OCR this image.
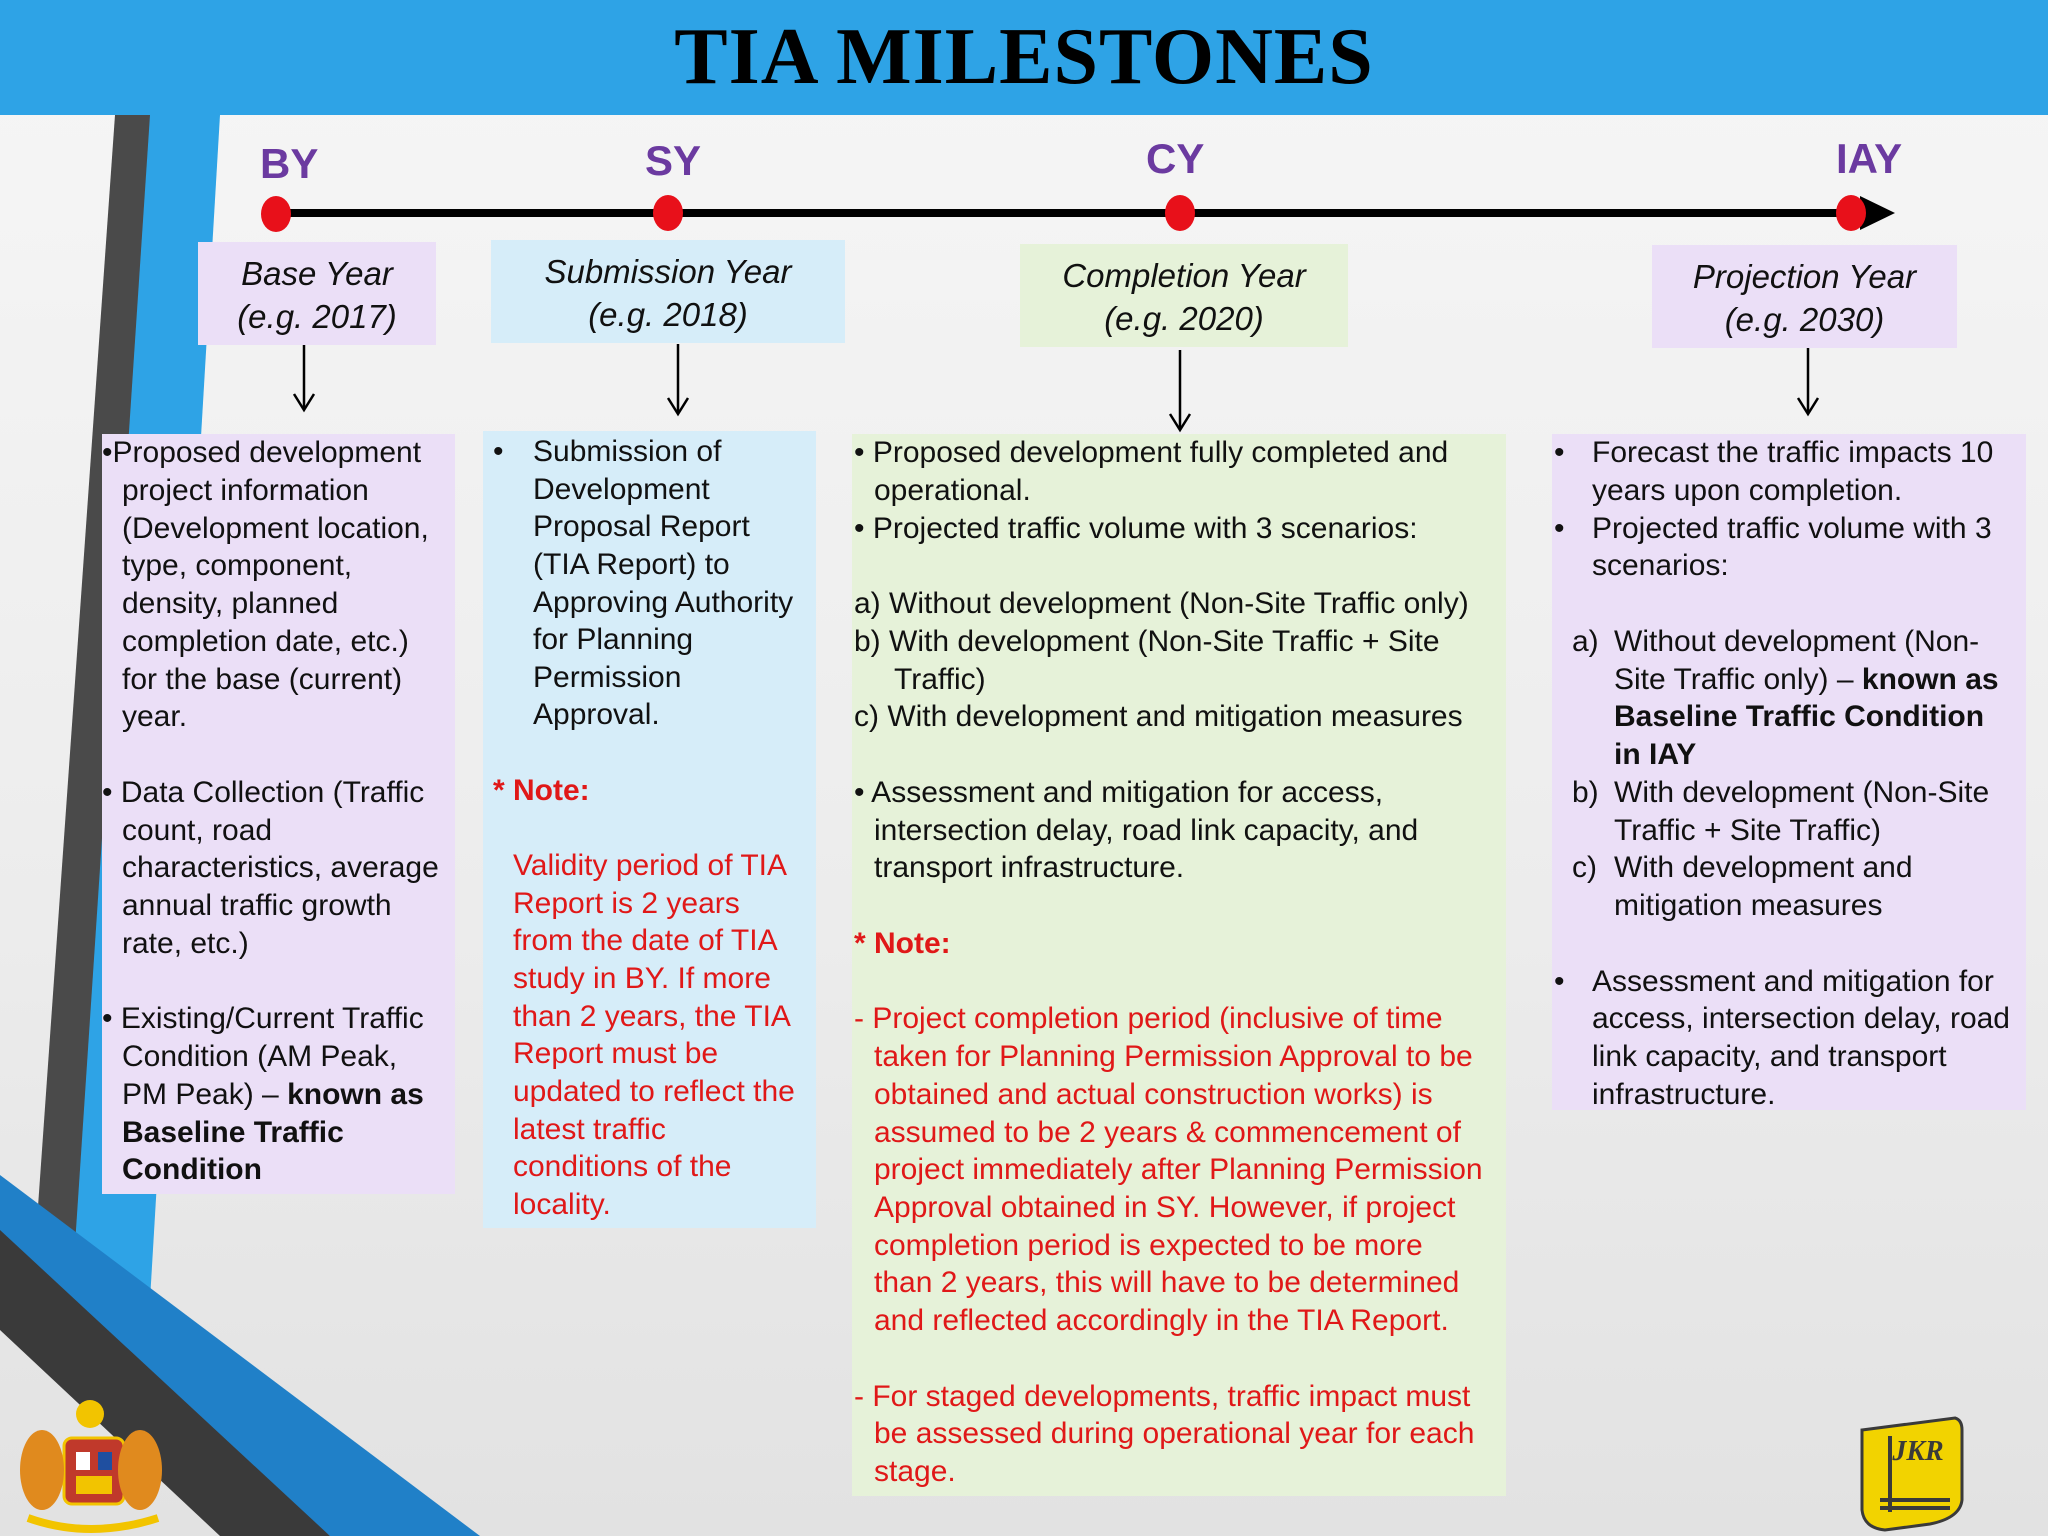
TIA MILESTONES
BY	SY	CY	IAY
Base Year
(e.g. 2017)
Submission Year
(e.g. 2018)
Completion Year
(e.g. 2020)
Projection Year
(e.g. 2030)
•Proposed development
project information
(Development location,
type, component,
density, planned
completion date, etc.)
for the base (current)
year.
• Data Collection (Traffic
count, road
characteristics, average
annual traffic growth
rate, etc.)
• Existing/Current Traffic
Condition (AM Peak,
PM Peak) – known as
Baseline Traffic
Condition
• Submission of
Development
Proposal Report
(TIA Report) to
Approving Authority
for Planning
Permission
Approval.
* Note:
Validity period of TIA
Report is 2 years
from the date of TIA
study in BY. If more
than 2 years, the TIA
Report must be
updated to reflect the
latest traffic
conditions of the
locality.
• Proposed development fully completed and
operational.
• Projected traffic volume with 3 scenarios:
a) Without development (Non-Site Traffic only)
b) With development (Non-Site Traffic + Site
Traffic)
c) With development and mitigation measures
• Assessment and mitigation for access,
intersection delay, road link capacity, and
transport infrastructure.
* Note:
- Project completion period (inclusive of time
taken for Planning Permission Approval to be
obtained and actual construction works) is
assumed to be 2 years & commencement of
project immediately after Planning Permission
Approval obtained in SY. However, if project
completion period is expected to be more
than 2 years, this will have to be determined
and reflected accordingly in the TIA Report.
- For staged developments, traffic impact must
be assessed during operational year for each
stage.
• Forecast the traffic impacts 10
years upon completion.
• Projected traffic volume with 3
scenarios:
a) Without development (Non-
Site Traffic only) – known as
Baseline Traffic Condition
in IAY
b) With development (Non-Site
Traffic + Site Traffic)
c) With development and
mitigation measures
• Assessment and mitigation for
access, intersection delay, road
link capacity, and transport
infrastructure.
JKR
